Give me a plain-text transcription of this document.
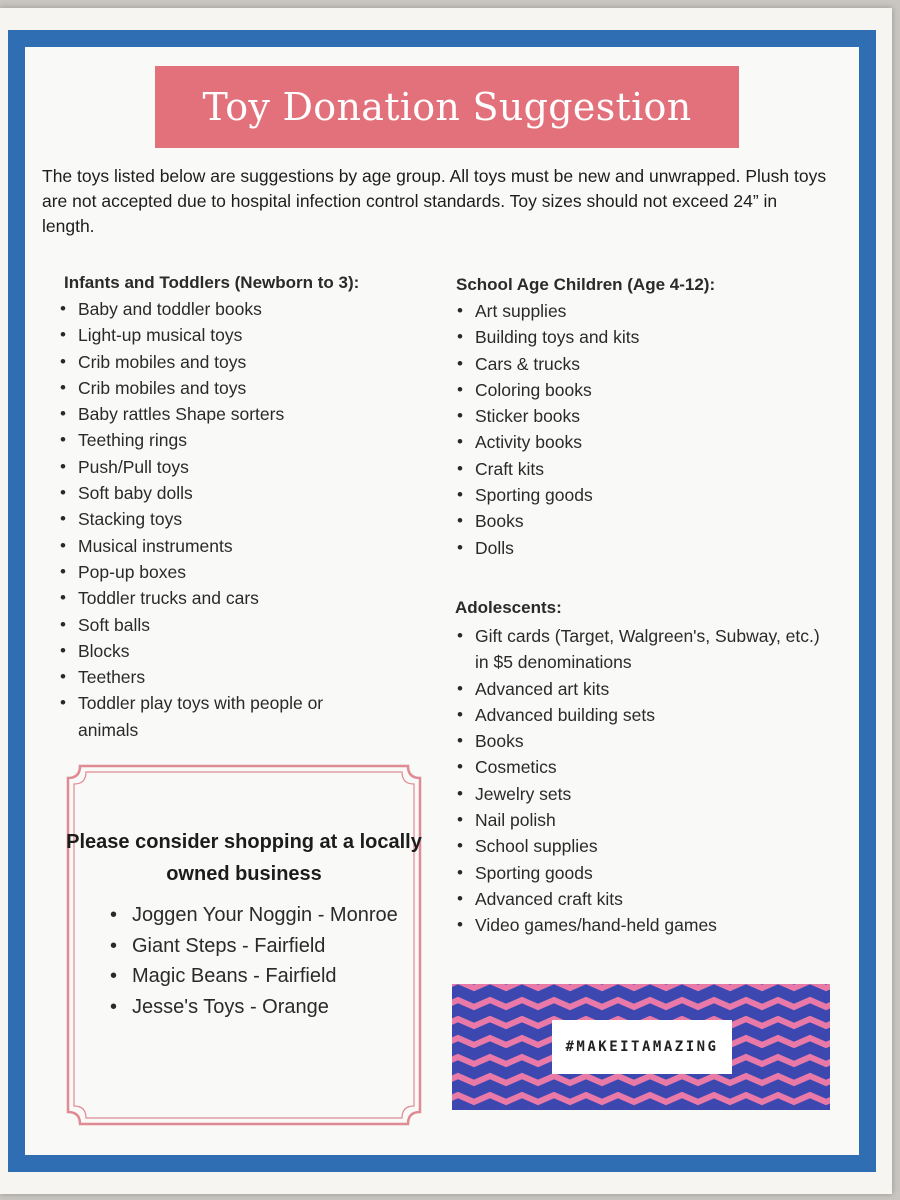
Toy Donation Suggestion

The toys listed below are suggestions by age group. All toys must be new and unwrapped. Plush toys are not accepted due to hospital infection control standards. Toy sizes should not exceed 24” in length.

Infants and Toddlers (Newborn to 3):

• Baby and toddler books
• Light-up musical toys
• Crib mobiles and toys
• Crib mobiles and toys
• Baby rattles Shape sorters
• Teething rings
• Push/Pull toys
• Soft baby dolls
• Stacking toys
• Musical instruments
• Pop-up boxes
• Toddler trucks and cars
• Soft balls
• Blocks
• Teethers
• Toddler play toys with people or animals

School Age Children (Age 4-12):

• Art supplies
• Building toys and kits
• Cars & trucks
• Coloring books
• Sticker books
• Activity books
• Craft kits
• Sporting goods
• Books
• Dolls

Adolescents:

• Gift cards (Target, Walgreen's, Subway, etc.) in $5 denominations
• Advanced art kits
• Advanced building sets
• Books
• Cosmetics
• Jewelry sets
• Nail polish
• School supplies
• Sporting goods
• Advanced craft kits
• Video games/hand-held games

Please consider shopping at a locally owned business

• Joggen Your Noggin - Monroe
• Giant Steps - Fairfield
• Magic Beans - Fairfield
• Jesse's Toys - Orange
#MAKEITAMAZING
